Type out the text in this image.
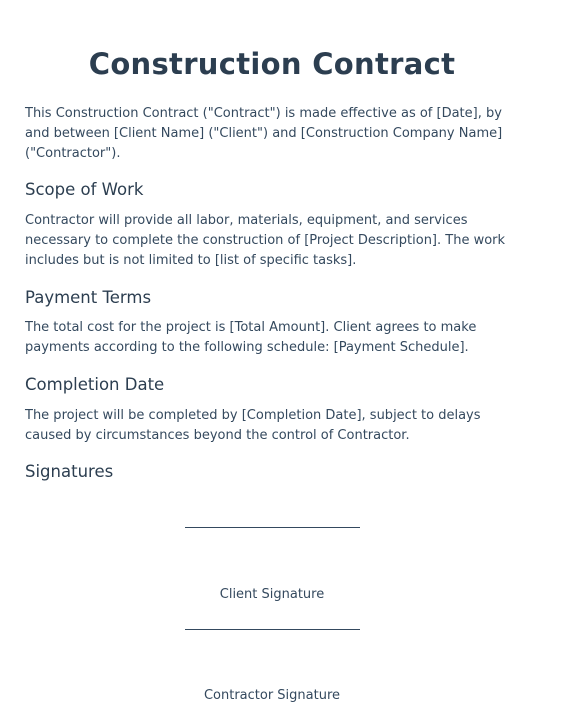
Construction Contract

This Construction Contract ("Contract") is made effective as of [Date], by and between [Client Name] ("Client") and [Construction Company Name] ("Contractor").

Scope of Work

Contractor will provide all labor, materials, equipment, and services necessary to complete the construction of [Project Description]. The work includes but is not limited to [list of specific tasks].

Payment Terms

The total cost for the project is [Total Amount]. Client agrees to make payments according to the following schedule: [Payment Schedule].

Completion Date

The project will be completed by [Completion Date], subject to delays caused by circumstances beyond the control of Contractor.

Signatures
Client Signature
Contractor Signature
